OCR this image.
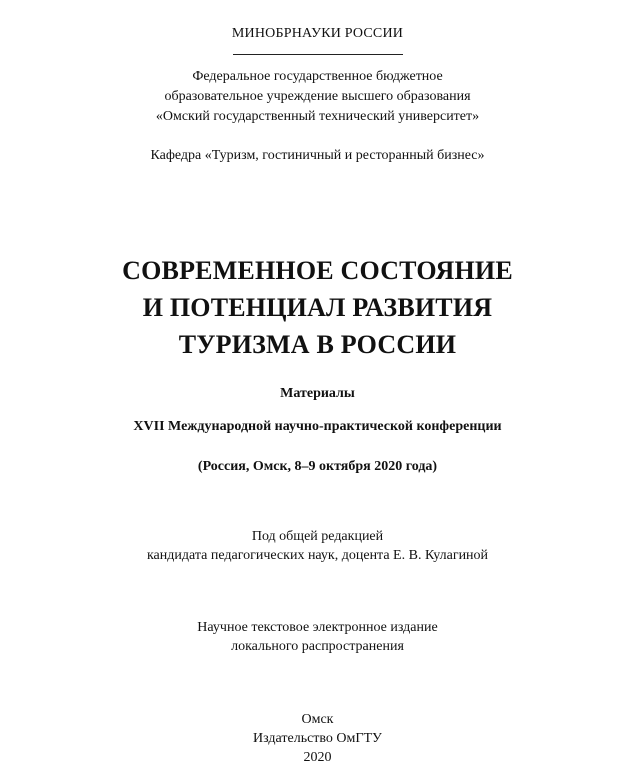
МИНОБРНАУКИ РОССИИ
Федеральное государственное бюджетное
образовательное учреждение высшего образования
«Омский государственный технический университет»
Кафедра «Туризм, гостиничный и ресторанный бизнес»
СОВРЕМЕННОЕ СОСТОЯНИЕ
И ПОТЕНЦИАЛ РАЗВИТИЯ
ТУРИЗМА В РОССИИ
Материалы
XVII Международной научно-практической конференции
(Россия, Омск, 8–9 октября 2020 года)
Под общей редакцией
кандидата педагогических наук, доцента Е. В. Кулагиной
Научное текстовое электронное издание
локального распространения
Омск
Издательство ОмГТУ
2020
